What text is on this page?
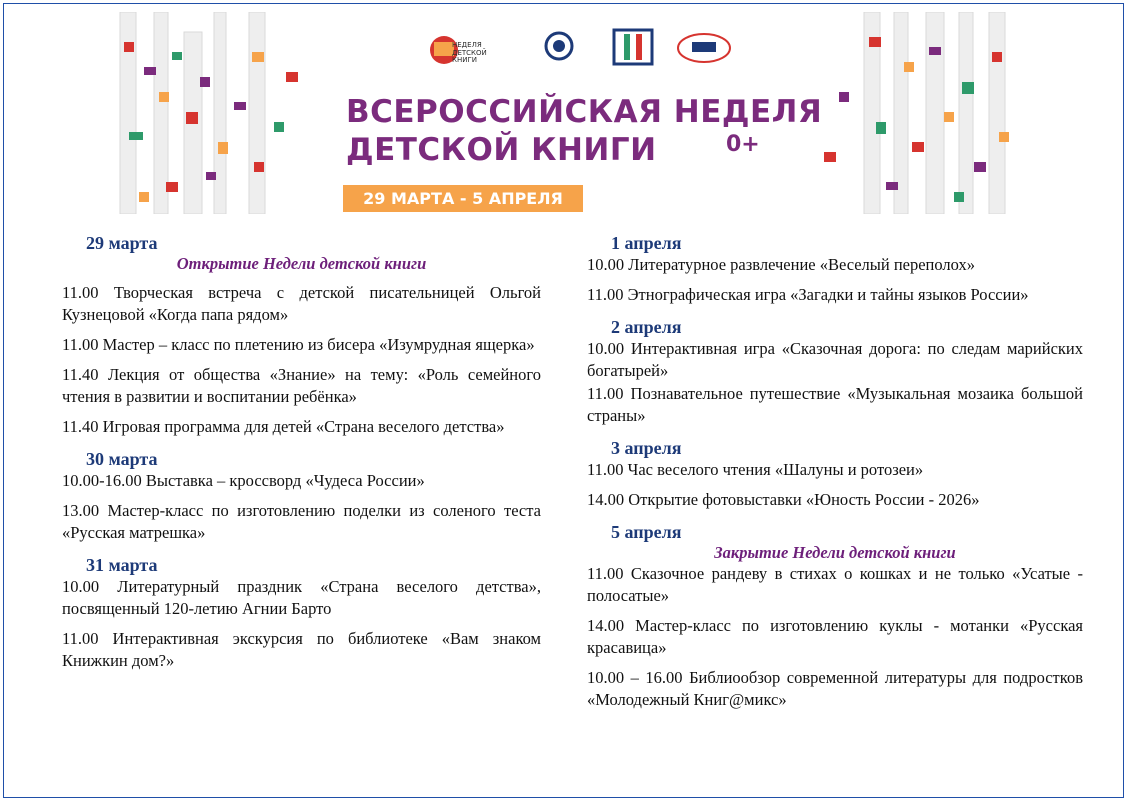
НЕДЕЛЯ ДЕТСКОЙ КНИГИ
ВСЕРОССИЙСКАЯ НЕДЕЛЯ
ДЕТСКОЙ КНИГИ	0+
29 МАРТА - 5 АПРЕЛЯ
29 марта
Открытие Недели детской книги

11.00 Творческая встреча с детской писательницей Ольгой Кузнецовой «Когда папа рядом»

11.00 Мастер – класс по плетению из бисера «Изумрудная ящерка»

11.40 Лекция от общества «Знание» на тему: «Роль семейного чтения в развитии и воспитании ребёнка»

11.40 Игровая программа для детей «Страна веселого детства»

30 марта

10.00-16.00 Выставка – кроссворд «Чудеса России»

13.00 Мастер-класс по изготовлению поделки из соленого теста «Русская матрешка»

31 марта

10.00 Литературный праздник «Страна веселого детства», посвященный 120-летию Агнии Барто

11.00 Интерактивная экскурсия по библиотеке «Вам знаком Книжкин дом?»

1 апреля

10.00 Литературное развлечение «Веселый переполох»

11.00 Этнографическая игра «Загадки и тайны языков России»

2 апреля

10.00 Интерактивная игра «Сказочная дорога: по следам марийских богатырей»

11.00 Познавательное путешествие «Музыкальная мозаика большой страны»

3 апреля

11.00 Час веселого чтения «Шалуны и ротозеи»

14.00 Открытие фотовыставки «Юность России - 2026»

5 апреля
Закрытие Недели детской книги

11.00 Сказочное рандеву в стихах о кошках и не только «Усатые - полосатые»

14.00 Мастер-класс по изготовлению куклы - мотанки «Русская красавица»

10.00 – 16.00 Библиообзор современной литературы для подростков «Молодежный Книг@микс»
